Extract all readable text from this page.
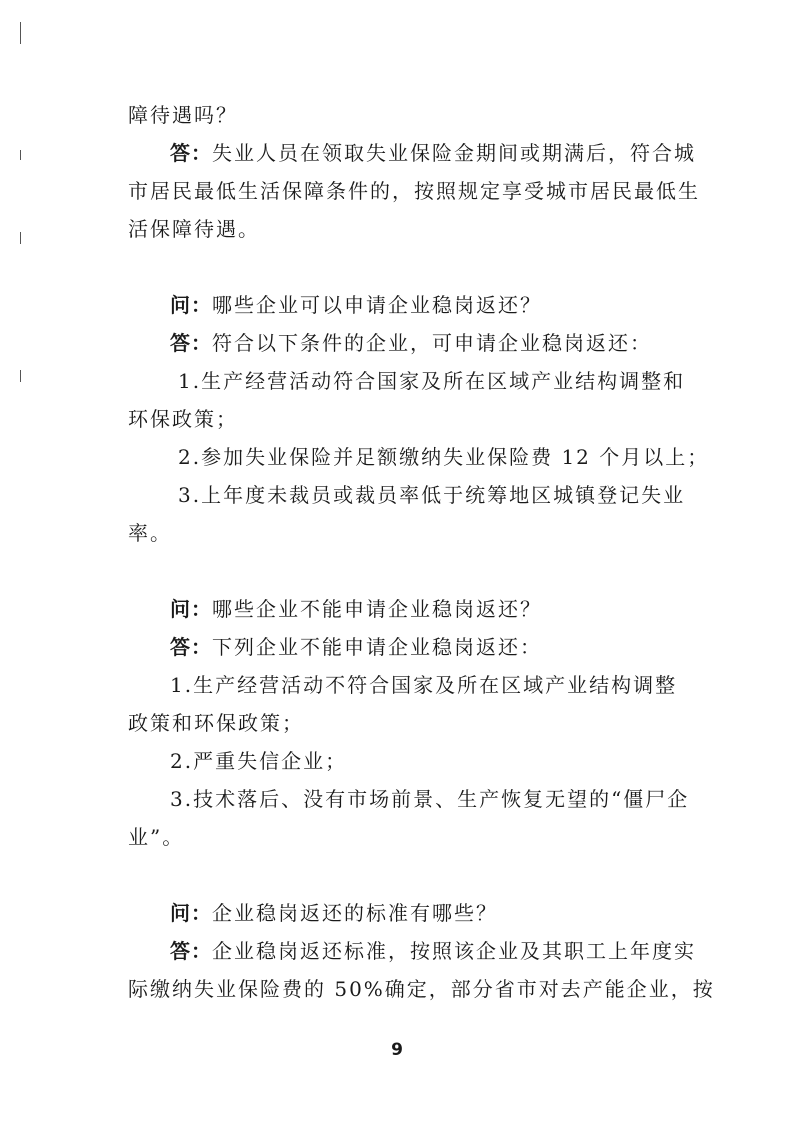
障待遇吗？
答：失业人员在领取失业保险金期间或期满后，符合城
市居民最低生活保障条件的，按照规定享受城市居民最低生
活保障待遇。
问：哪些企业可以申请企业稳岗返还？
答：符合以下条件的企业，可申请企业稳岗返还：
1.生产经营活动符合国家及所在区域产业结构调整和
环保政策；
2.参加失业保险并足额缴纳失业保险费 12 个月以上；
3.上年度未裁员或裁员率低于统筹地区城镇登记失业
率。
问：哪些企业不能申请企业稳岗返还？
答：下列企业不能申请企业稳岗返还：
1.生产经营活动不符合国家及所在区域产业结构调整
政策和环保政策；
2.严重失信企业；
3.技术落后、没有市场前景、生产恢复无望的“僵尸企
业”。
问：企业稳岗返还的标准有哪些？
答：企业稳岗返还标准，按照该企业及其职工上年度实
际缴纳失业保险费的 50%确定，部分省市对去产能企业，按
9
